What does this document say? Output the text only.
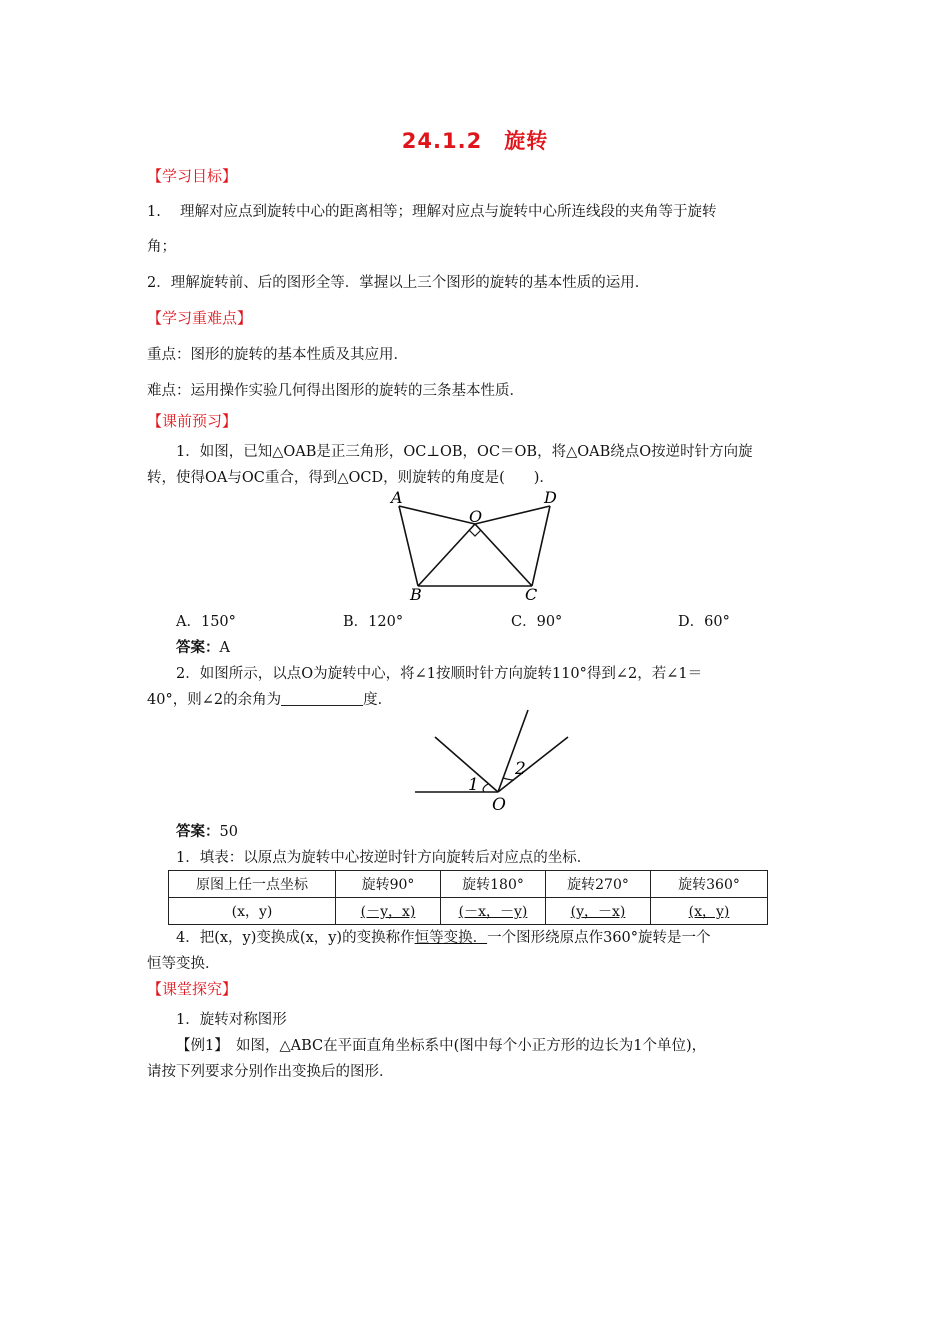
24.1.2　旋转
【学习目标】
1.　 理解对应点到旋转中心的距离相等；理解对应点与旋转中心所连线段的夹角等于旋转
角；
2．理解旋转前、后的图形全等．掌握以上三个图形的旋转的基本性质的运用．
【学习重难点】
重点：图形的旋转的基本性质及其应用．
难点：运用操作实验几何得出图形的旋转的三条基本性质．
【课前预习】
1．如图，已知△OAB是正三角形，OC⊥OB，OC＝OB，将△OAB绕点O按逆时针方向旋
转，使得OA与OC重合，得到△OCD，则旋转的角度是(　　)．
A	D
O
B	C
A．150°	B．120°	C．90°	D．60°
答案：A
2．如图所示，以点O为旋转中心，将∠1按顺时针方向旋转110°得到∠2，若∠1＝
40°，则∠2的余角为	度．
1
2
O
答案：50
1．填表：以原点为旋转中心按逆时针方向旋转后对应点的坐标．
原图上任一点坐标	旋转90°	旋转180°	旋转270°	旋转360°
(x，y)	(－y，x)	(－x，－y)	(y，－x)	(x，y)
4．把(x，y)变换成(x，y)的变换称作恒等变换．一个图形绕原点作360°旋转是一个
恒等变换．
【课堂探究】
1．旋转对称图形
【例1】　如图，△ABC在平面直角坐标系中(图中每个小正方形的边长为1个单位)，
请按下列要求分别作出变换后的图形．
